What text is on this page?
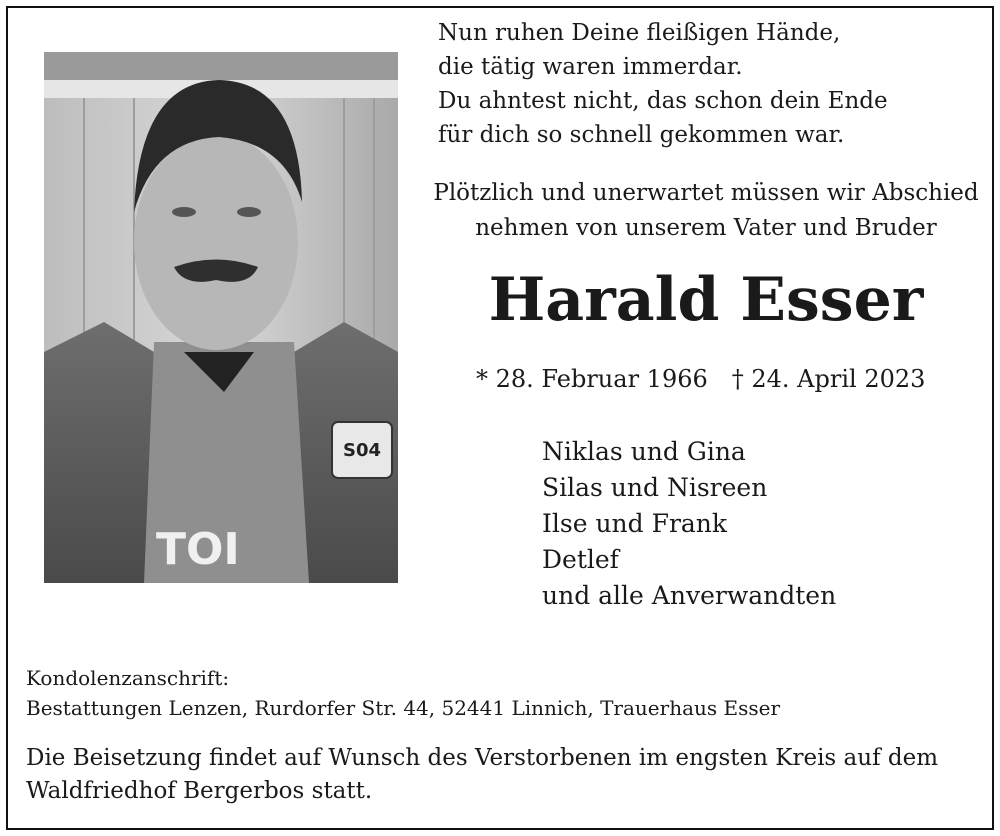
S04
TOI

Nun ruhen Deine fleißigen Hände,
die tätig waren immerdar.
Du ahntest nicht, das schon dein Ende
für dich so schnell gekommen war.

Plötzlich und unerwartet müssen wir Abschied
nehmen von unserem Vater und Bruder

Harald Esser
* 28. Februar 1966 † 24. April 2023
Niklas und Gina
Silas und Nisreen
Ilse und Frank
Detlef
und alle Anverwandten

Kondolenzanschrift:

Bestattungen Lenzen, Rurdorfer Str. 44, 52441 Linnich, Trauerhaus Esser

Die Beisetzung findet auf Wunsch des Verstorbenen im engsten Kreis auf dem
Waldfriedhof Bergerbos statt.
